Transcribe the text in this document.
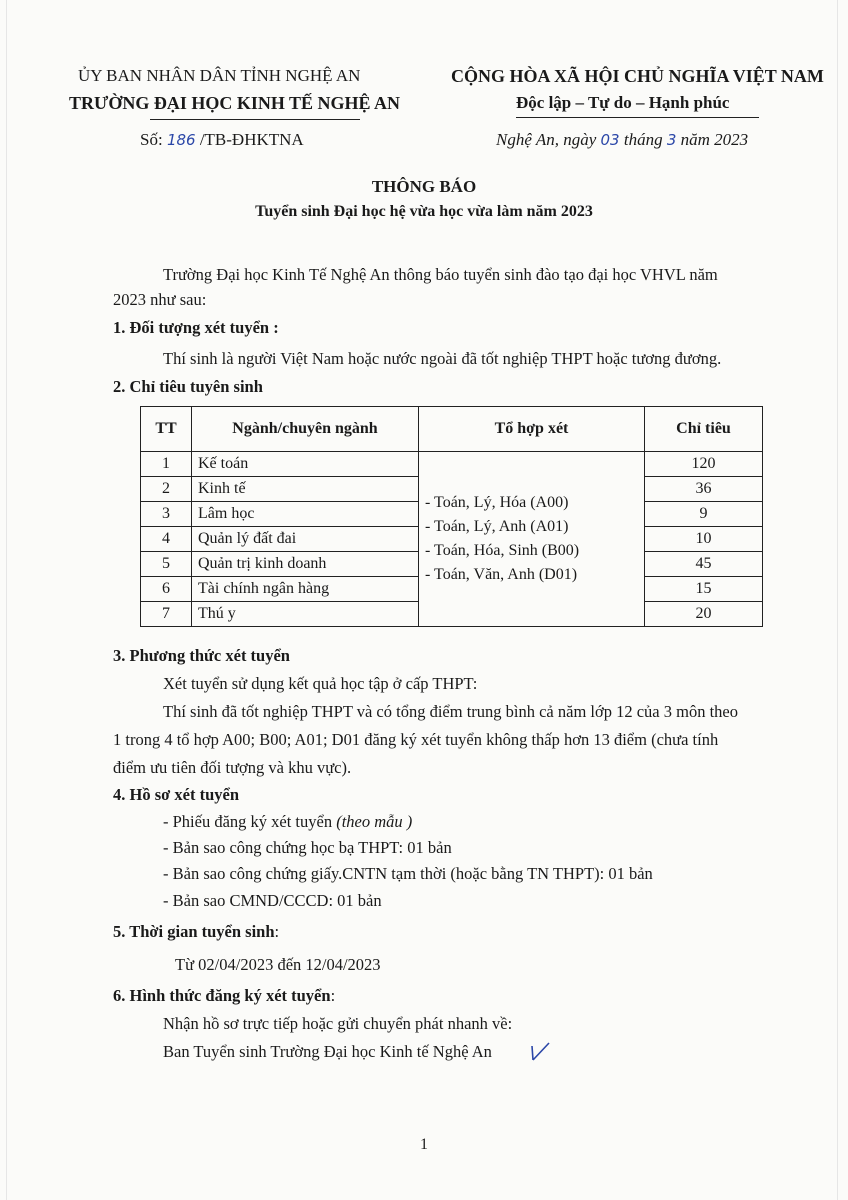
ỦY BAN NHÂN DÂN TỈNH NGHỆ AN
TRƯỜNG ĐẠI HỌC KINH TẾ NGHỆ AN
Số: 186 /TB-ĐHKTNA
CỘNG HÒA XÃ HỘI CHỦ NGHĨA VIỆT NAM
Độc lập – Tự do – Hạnh phúc
Nghệ An, ngày 03 tháng 3 năm 2023
THÔNG BÁO
Tuyển sinh Đại học hệ vừa học vừa làm năm 2023
Trường Đại học Kinh Tế Nghệ An thông báo tuyển sinh đào tạo đại học VHVL năm
2023 như sau:
1. Đối tượng xét tuyển :
Thí sinh là người Việt Nam hoặc nước ngoài đã tốt nghiệp THPT hoặc tương đương.
2. Chỉ tiêu tuyên sinh
TT	Ngành/chuyên ngành	Tổ hợp xét	Chỉ tiêu
1	Kế toán	- Toán, Lý, Hóa (A00)
- Toán, Lý, Anh (A01)
- Toán, Hóa, Sinh (B00)
- Toán, Văn, Anh (D01)	120
2	Kinh tế		36
3	Lâm học		9
4	Quản lý đất đai		10
5	Quản trị kinh doanh		45
6	Tài chính ngân hàng		15
7	Thú y		20
3. Phương thức xét tuyển
Xét tuyển sử dụng kết quả học tập ở cấp THPT:
Thí sinh đã tốt nghiệp THPT và có tổng điểm trung bình cả năm lớp 12 của 3 môn theo
1 trong 4 tổ hợp A00; B00; A01; D01 đăng ký xét tuyển không thấp hơn 13 điểm (chưa tính
điểm ưu tiên đối tượng và khu vực).
4. Hồ sơ xét tuyển
- Phiếu đăng ký xét tuyển (theo mẫu )
- Bản sao công chứng học bạ THPT: 01 bản
- Bản sao công chứng giấy.CNTN tạm thời (hoặc bằng TN THPT): 01 bản
- Bản sao CMND/CCCD: 01 bản
5. Thời gian tuyển sinh:
Từ 02/04/2023 đến 12/04/2023
6. Hình thức đăng ký xét tuyển:
Nhận hồ sơ trực tiếp hoặc gửi chuyển phát nhanh về:
Ban Tuyển sinh Trường Đại học Kinh tế Nghệ An
1
